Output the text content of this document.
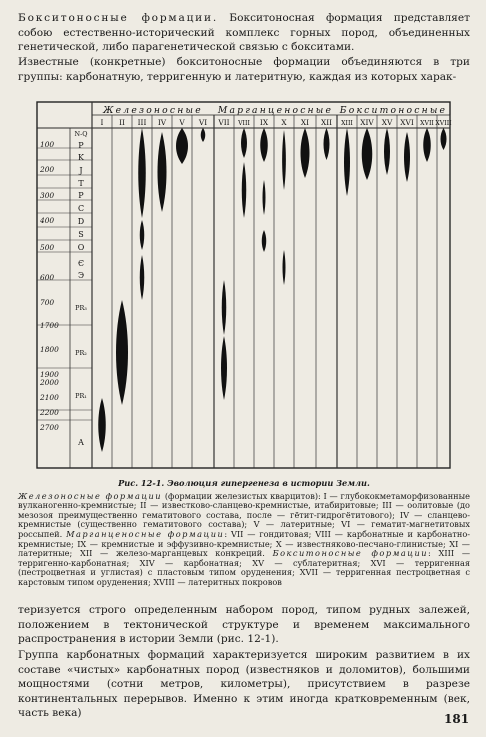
Бокситоносные формации. Бокситоносная формация представляет собою естественно-исторический комплекс горных пород, объединенных генетической, либо парагенетической связью с бокситами.

Известные (конкретные) бокситоносные формации объединяются в три группы: карбонатную, терригенную и латеритную, каждая из которых харак-

Железоносные Марганценосные Бокситоносные
I II III IV V VI VII VIII IX X XI XII XIII XIV XV XVI XVII XVIII
100
200
300
400
500
600
700
1700
1800
1900
2000
2100
2200
2700
N-Q
P
K
J
T
P
C
D
S
O
Є
Э
PR₃
PR₂
PR₁
A
Рис. 12-1. Эволюция гипергенеза в истории Земли.

Железоносные формации (формации железистых кварцитов): I — глубококметаморфизованные вулканогенно-кремнистые; II — известково-сланцево-кремнистые, итабиритовые; III — оолитовые (до мезозоя преимущественно гематитового состава, после — гётит-гидрогётитового); IV — сланцево-кремнистые (существенно гематитового состава); V — латеритные; VI — гематит-магнетитовых россыпей. Марганценосные формации: VII — гондитовая; VIII — карбонатные и карбонатно-кремнистые; IX — кремнистые и эффузивно-кремнистые; X — известняково-песчано-глинистые; XI — латеритные; XII — железо-марганцевых конкреций. Бокситоносные формации: XIII — терригенно-карбонатная; XIV — карбонатная; XV — сублатеритная; XVI — терригенная (пестроцветная и углистая) с пластовым типом оруденения; XVII — терригенная пестроцветная с карстовым типом оруденения; XVIII — латеритных покровов

теризуется строго определенным набором пород, типом рудных залежей, положением в тектонической структуре и временем максимального распространения в истории Земли (рис. 12-1).

Группа карбонатных формаций характеризуется широким развитием в их составе «чистых» карбонатных пород (известняков и доломитов), большими мощностями (сотни метров, километры), присутствием в разрезе континентальных перерывов. Именно к этим иногда кратковременным (век, часть века)	181
